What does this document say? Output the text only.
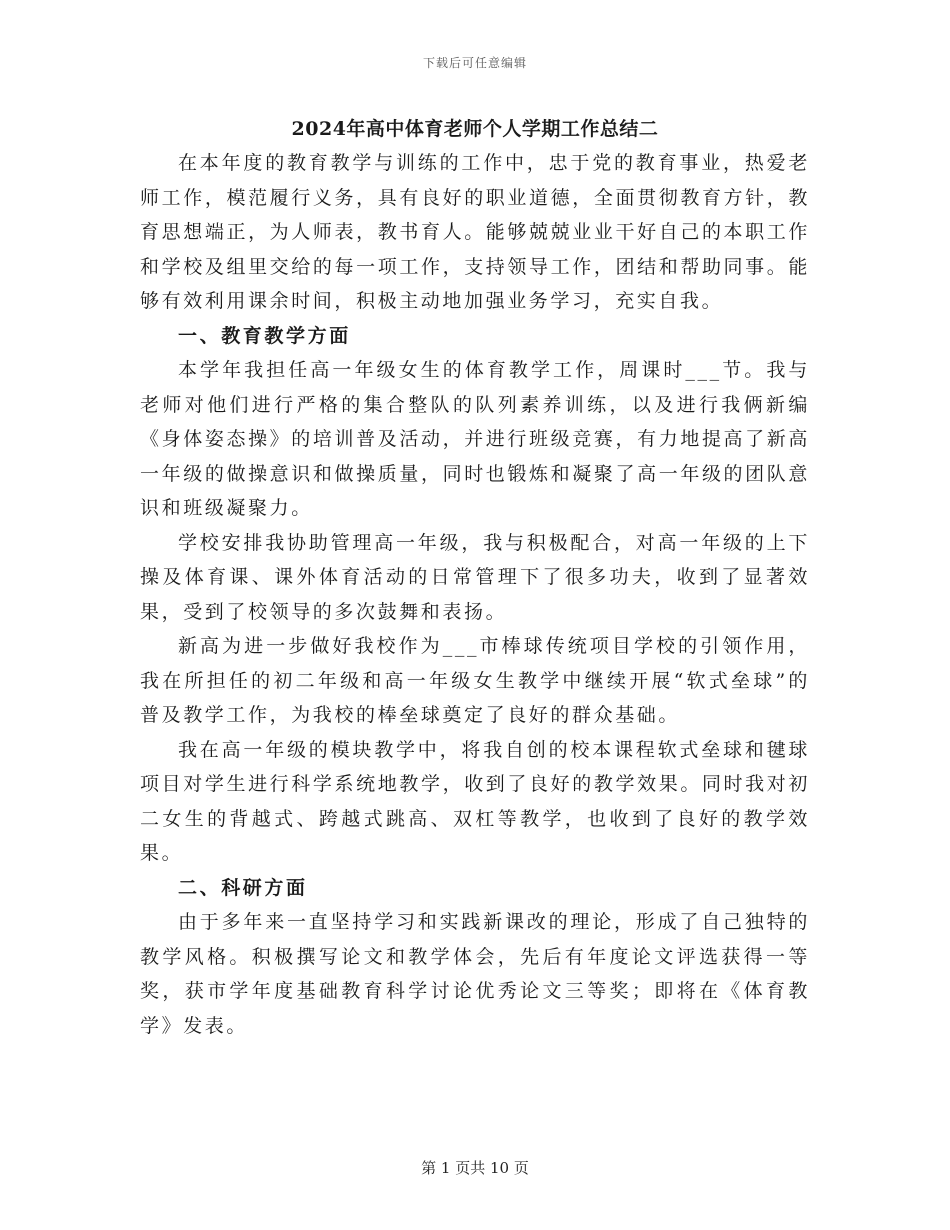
下载后可任意编辑
2024年高中体育老师个人学期工作总结二

在本年度的教育教学与训练的工作中，忠于党的教育事业，热爱老师工作，模范履行义务，具有良好的职业道德，全面贯彻教育方针，教育思想端正，为人师表，教书育人。能够兢兢业业干好自己的本职工作和学校及组里交给的每一项工作，支持领导工作，团结和帮助同事。能够有效利用课余时间，积极主动地加强业务学习，充实自我。

一、教育教学方面

本学年我担任高一年级女生的体育教学工作，周课时___节。我与老师对他们进行严格的集合整队的队列素养训练，以及进行我俩新编《身体姿态操》的培训普及活动，并进行班级竞赛，有力地提高了新高一年级的做操意识和做操质量，同时也锻炼和凝聚了高一年级的团队意识和班级凝聚力。

学校安排我协助管理高一年级，我与积极配合，对高一年级的上下操及体育课、课外体育活动的日常管理下了很多功夫，收到了显著效果，受到了校领导的多次鼓舞和表扬。

新高为进一步做好我校作为___市棒球传统项目学校的引领作用，我在所担任的初二年级和高一年级女生教学中继续开展“软式垒球”的普及教学工作，为我校的棒垒球奠定了良好的群众基础。

我在高一年级的模块教学中，将我自创的校本课程软式垒球和毽球项目对学生进行科学系统地教学，收到了良好的教学效果。同时我对初二女生的背越式、跨越式跳高、双杠等教学，也收到了良好的教学效果。

二、科研方面

由于多年来一直坚持学习和实践新课改的理论，形成了自己独特的教学风格。积极撰写论文和教学体会，先后有年度论文评选获得一等奖，获市学年度基础教育科学讨论优秀论文三等奖；即将在《体育教学》发表。

第 1 页共 10 页
